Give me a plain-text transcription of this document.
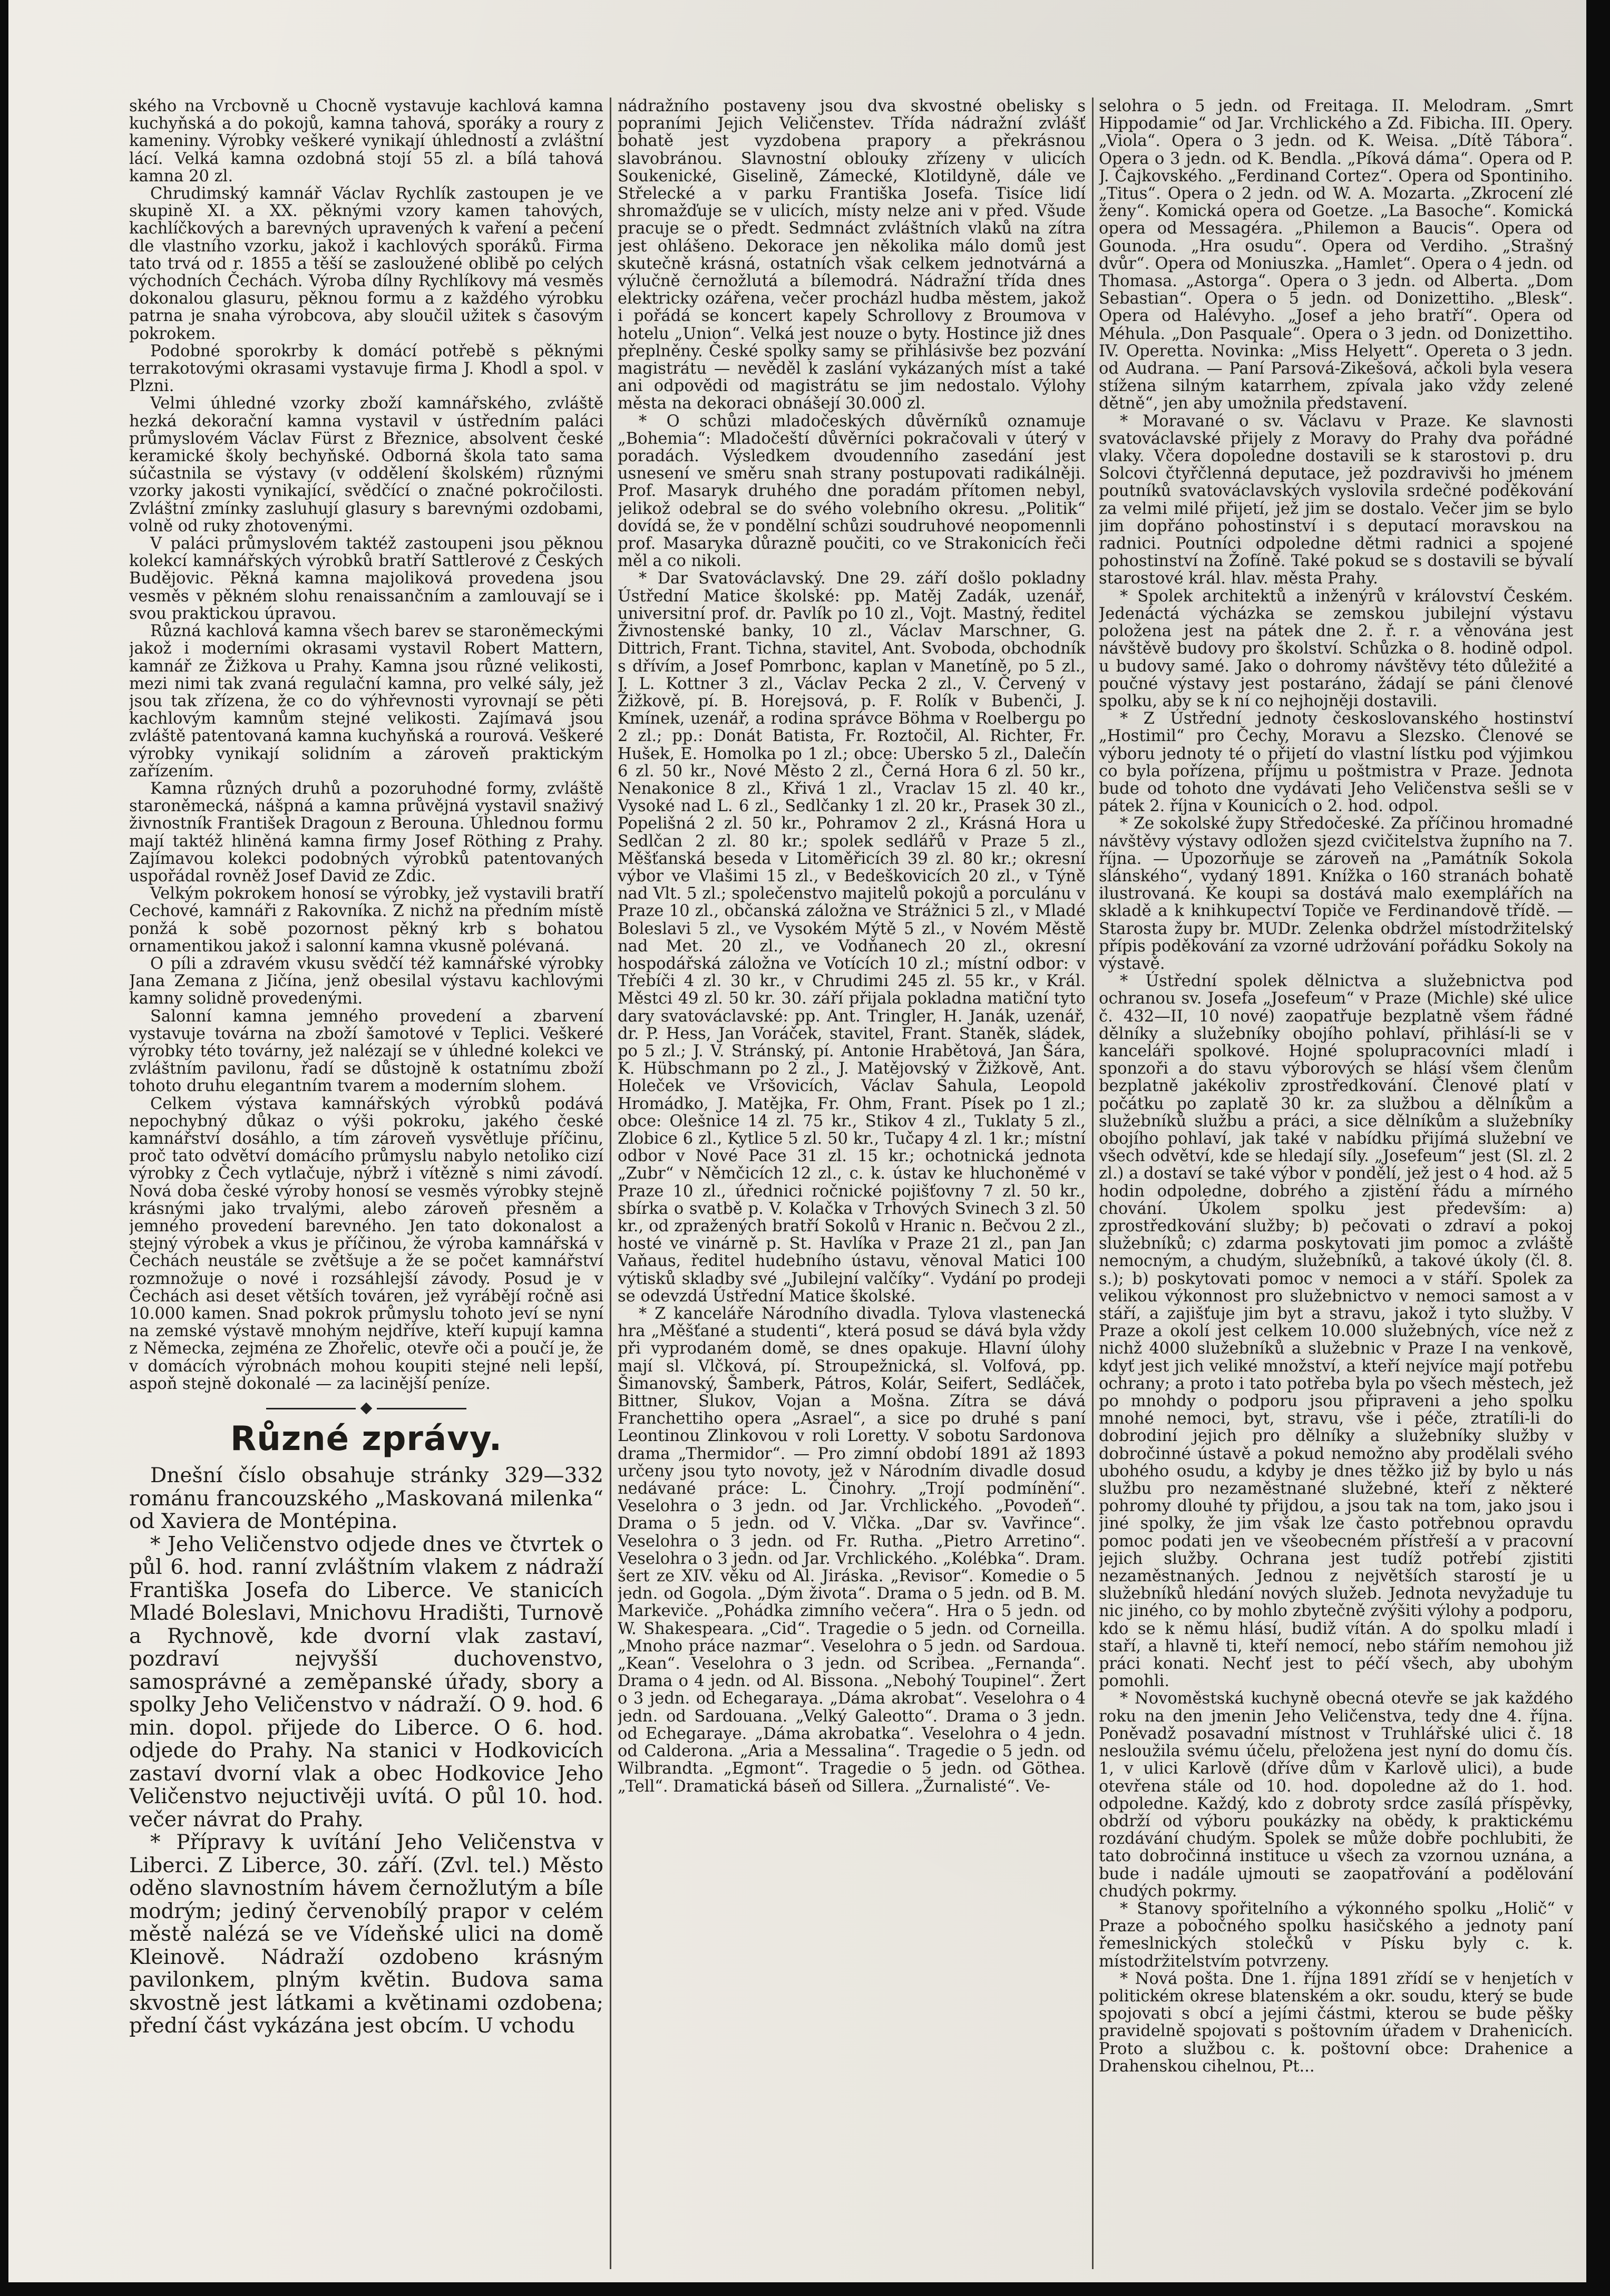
ského na Vrcbovně u Chocně vystavuje kachlová kamna kuchyňská a do pokojů, kamna tahová, sporáky a roury z kameniny. Výrobky veškeré vynikají úhledností a zvláštní lácí. Velká kamna ozdobná stojí 55 zl. a bílá tahová kamna 20 zl.

Chrudimský kamnář Václav Rychlík zastoupen je ve skupině XI. a XX. pěknými vzory kamen tahových, kachlíčkových a barevných upravených k vaření a pečení dle vlastního vzorku, jakož i kachlových sporáků. Firma tato trvá od r. 1855 a těší se zasloužené oblibě po celých východních Čechách. Výroba dílny Rychlíkovy má vesměs dokonalou glasuru, pěknou formu a z každého výrobku patrna je snaha výrobcova, aby sloučil užitek s časovým pokrokem.

Podobné sporokrby k domácí potřebě s pěknými terrakotovými okrasami vystavuje firma J. Khodl a spol. v Plzni.

Velmi úhledné vzorky zboží kamnářského, zvláště hezká dekorační kamna vystavil v ústředním paláci průmyslovém Václav Fürst z Březnice, absolvent české keramické školy bechyňské. Odborná škola tato sama súčastnila se výstavy (v oddělení školském) různými vzorky jakosti vynikající, svědčící o značné pokročilosti. Zvláštní zmínky zasluhují glasury s barevnými ozdobami, volně od ruky zhotovenými.

V paláci průmyslovém taktéž zastoupeni jsou pěknou kolekcí kamnářských výrobků bratří Sattlerové z Českých Budějovic. Pěkná kamna majoliková provedena jsou vesměs v pěkném slohu renaissančním a zamlouvají se i svou praktickou úpravou.

Různá kachlová kamna všech barev se staroněmeckými jakož i moderními okrasami vystavil Robert Mattern, kamnář ze Žižkova u Prahy. Kamna jsou různé velikosti, mezi nimi tak zvaná regulační kamna, pro velké sály, jež jsou tak zřízena, že co do výhřevnosti vyrovnají se pěti kachlovým kamnům stejné velikosti. Zajímavá jsou zvláště patentovaná kamna kuchyňská a rourová. Veškeré výrobky vynikají solidním a zároveň praktickým zařízením.

Kamna různých druhů a pozoruhodné formy, zvláště staroněmecká, nášpná a kamna průvějná vystavil snaživý živnostník František Dragoun z Berouna. Úhlednou formu mají taktéž hliněná kamna firmy Josef Röthing z Prahy. Zajímavou kolekci podobných výrobků patentovaných uspořádal rovněž Josef David ze Zdic.

Velkým pokrokem honosí se výrobky, jež vystavili bratří Cechové, kamnáři z Rakovníka. Z nichž na předním místě ponžá k sobě pozornost pěkný krb s bohatou ornamentikou jakož i salonní kamna vkusně polévaná.

O píli a zdravém vkusu svědčí též kamnářské výrobky Jana Zemana z Jičína, jenž obesilal výstavu kachlovými kamny solidně provedenými.

Salonní kamna jemného provedení a zbarvení vystavuje továrna na zboží šamotové v Teplici. Veškeré výrobky této továrny, jež nalézají se v úhledné kolekci ve zvláštním pavilonu, řadí se důstojně k ostatnímu zboží tohoto druhu elegantním tvarem a moderním slohem.

Celkem výstava kamnářských výrobků podává nepochybný důkaz o výši pokroku, jakého české kamnářství dosáhlo, a tím zároveň vysvětluje příčinu, proč tato odvětví domácího průmyslu nabylo netoliko cizí výrobky z Čech vytlačuje, nýbrž i vítězně s nimi závodí. Nová doba české výroby honosí se vesměs výrobky stejně krásnými jako trvalými, alebo zároveň přesněm a jemného provedení barevného. Jen tato dokonalost a stejný výrobek a vkus je příčinou, že výroba kamnářská v Čechách neustále se zvětšuje a že se počet kamnářství rozmnožuje o nové i rozsáhlejší závody. Posud je v Čechách asi deset větších továren, jež vyrábějí ročně asi 10.000 kamen. Snad pokrok průmyslu tohoto jeví se nyní na zemské výstavě mnohým nejdříve, kteří kupují kamna z Německa, zejména ze Zhořelic, otevře oči a poučí je, že v domácích výrobnách mohou koupiti stejné neli lepší, aspoň stejně dokonalé — za lacinější peníze.

Různé zprávy.

Dnešní číslo obsahuje stránky 329—332 románu francouzského „Maskovaná milenka“ od Xaviera de Montépina.

* Jeho Veličenstvo odjede dnes ve čtvrtek o půl 6. hod. ranní zvláštním vlakem z nádraží Františka Josefa do Liberce. Ve stanicích Mladé Boleslavi, Mnichovu Hradišti, Turnově a Rychnově, kde dvorní vlak zastaví, pozdraví nejvyšší duchovenstvo, samosprávné a zeměpanské úřady, sbory a spolky Jeho Veličenstvo v nádraží. O 9. hod. 6 min. dopol. přijede do Liberce. O 6. hod. odjede do Prahy. Na stanici v Hodkovicích zastaví dvorní vlak a obec Hodkovice Jeho Veličenstvo nejuctivěji uvítá. O půl 10. hod. večer návrat do Prahy.

* Přípravy k uvítání Jeho Veličenstva v Liberci. Z Liberce, 30. září. (Zvl. tel.) Město oděno slavnostním hávem černožlutým a bíle modrým; jediný červenobílý prapor v celém městě nalézá se ve Vídeňské ulici na domě Kleinově. Nádraží ozdobeno krásným pavilonkem, plným květin. Budova sama skvostně jest látkami a květinami ozdobena; přední část vykázána jest obcím. U vchodu

nádražního postaveny jsou dva skvostné obelisky s popraními Jejich Veličenstev. Třída nádražní zvlášť bohatě jest vyzdobena prapory a překrásnou slavobránou. Slavnostní oblouky zřízeny v ulicích Soukenické, Giselině, Zámecké, Klotildyně, dále ve Střelecké a v parku Františka Josefa. Tisíce lidí shromažďuje se v ulicích, místy nelze ani v před. Všude pracuje se o předt. Sedmnáct zvláštních vlaků na zítra jest ohlášeno. Dekorace jen několika málo domů jest skutečně krásná, ostatních však celkem jednotvárná a výlučně černožlutá a bílemodrá. Nádražní třída dnes elektricky ozářena, večer procházl hudba městem, jakož i pořádá se koncert kapely Schrollovy z Broumova v hotelu „Union“. Velká jest nouze o byty. Hostince již dnes přeplněny. České spolky samy se přihlásivše bez pozvání magistrátu — nevěděl k zaslání vykázaných míst a také ani odpovědi od magistrátu se jim nedostalo. Výlohy města na dekoraci obnášejí 30.000 zl.

* O schůzi mladočeských důvěrníků oznamuje „Bohemia“: Mladočeští důvěrníci pokračovali v úterý v poradách. Výsledkem dvoudenního zasedání jest usnesení ve směru snah strany postupovati radikálněji. Prof. Masaryk druhého dne poradám přítomen nebyl, jelikož odebral se do svého volebního okresu. „Politik“ dovídá se, že v pondělní schůzi soudruhové neopomennli prof. Masaryka důrazně poučiti, co ve Strakonicích řeči měl a co nikoli.

* Dar Svatováclavský. Dne 29. září došlo pokladny Ústřední Matice školské: pp. Matěj Zadák, uzenář, universitní prof. dr. Pavlík po 10 zl., Vojt. Mastný, ředitel Živnostenské banky, 10 zl., Václav Marschner, G. Dittrich, Frant. Tichna, stavitel, Ant. Svoboda, obchodník s dřívím, a Josef Pomrbonc, kaplan v Manetíně, po 5 zl., J. L. Kottner 3 zl., Václav Pecka 2 zl., V. Červený v Žižkově, pí. B. Horejsová, p. F. Rolík v Bubenči, J. Kmínek, uzenář, a rodina správce Böhma v Roelbergu po 2 zl.; pp.: Donát Batista, Fr. Roztočil, Al. Richter, Fr. Hušek, E. Homolka po 1 zl.; obce: Ubersko 5 zl., Dalečín 6 zl. 50 kr., Nové Město 2 zl., Černá Hora 6 zl. 50 kr., Nenakonice 8 zl., Křivá 1 zl., Vraclav 15 zl. 40 kr., Vysoké nad L. 6 zl., Sedlčanky 1 zl. 20 kr., Prasek 30 zl., Popelišná 2 zl. 50 kr., Pohramov 2 zl., Krásná Hora u Sedlčan 2 zl. 80 kr.; spolek sedlářů v Praze 5 zl., Měšťanská beseda v Litoměřicích 39 zl. 80 kr.; okresní výbor ve Vlašimi 15 zl., v Bedeškovicích 20 zl., v Týně nad Vlt. 5 zl.; společenstvo majitelů pokojů a porculánu v Praze 10 zl., občanská záložna ve Strážnici 5 zl., v Mladé Boleslavi 5 zl., ve Vysokém Mýtě 5 zl., v Novém Městě nad Met. 20 zl., ve Vodňanech 20 zl., okresní hospodářská záložna ve Votících 10 zl.; místní odbor: v Třebíči 4 zl. 30 kr., v Chrudimi 245 zl. 55 kr., v Král. Městci 49 zl. 50 kr. 30. září přijala pokladna matiční tyto dary svatováclavské: pp. Ant. Tringler, H. Janák, uzenář, dr. P. Hess, Jan Voráček, stavitel, Frant. Staněk, sládek, po 5 zl.; J. V. Stránský, pí. Antonie Hrabětová, Jan Šára, K. Hübschmann po 2 zl., J. Matějovský v Žižkově, Ant. Holeček ve Vršovicích, Václav Sahula, Leopold Hromádko, J. Matějka, Fr. Ohm, Frant. Písek po 1 zl.; obce: Olešnice 14 zl. 75 kr., Stikov 4 zl., Tuklaty 5 zl., Zlobice 6 zl., Kytlice 5 zl. 50 kr., Tučapy 4 zl. 1 kr.; místní odbor v Nové Pace 31 zl. 15 kr.; ochotnická jednota „Zubr“ v Němčicích 12 zl., c. k. ústav ke hluchoněmé v Praze 10 zl., úřednici ročnické pojišťovny 7 zl. 50 kr., sbírka o svatbě p. V. Kolačka v Trhových Svinech 3 zl. 50 kr., od zpražených bratří Sokolů v Hranic n. Bečvou 2 zl., hosté ve vinárně p. St. Havlíka v Praze 21 zl., pan Jan Vaňaus, ředitel hudebního ústavu, věnoval Matici 100 výtisků skladby své „Jubilejní valčíky“. Vydání po prodeji se odevzdá Ústřední Matice školské.

* Z kanceláře Národního divadla. Tylova vlastenecká hra „Měšťané a studenti“, která posud se dává byla vždy při vyprodaném domě, se dnes opakuje. Hlavní úlohy mají sl. Vlčková, pí. Stroupežnická, sl. Volfová, pp. Šimanovský, Šamberk, Pátros, Kolár, Seifert, Sedláček, Bittner, Slukov, Vojan a Mošna. Zítra se dává Franchettiho opera „Asrael“, a sice po druhé s paní Leontinou Zlinkovou v roli Loretty. V sobotu Sardonova drama „Thermidor“. — Pro zimní období 1891 až 1893 určeny jsou tyto novoty, jež v Národním divadle dosud nedávané práce: L. Činohry. „Trojí podmínění“. Veselohra o 3 jedn. od Jar. Vrchlického. „Povodeň“. Drama o 5 jedn. od V. Vlčka. „Dar sv. Vavřince“. Veselohra o 3 jedn. od Fr. Rutha. „Pietro Arretino“. Veselohra o 3 jedn. od Jar. Vrchlického. „Kolébka“. Dram. šert ze XIV. věku od Al. Jiráska. „Revisor“. Komedie o 5 jedn. od Gogola. „Dým života“. Drama o 5 jedn. od B. M. Markeviče. „Pohádka zimního večera“. Hra o 5 jedn. od W. Shakespeara. „Cid“. Tragedie o 5 jedn. od Corneilla. „Mnoho práce nazmar“. Veselohra o 5 jedn. od Sardoua. „Kean“. Veselohra o 3 jedn. od Scribea. „Fernanda“. Drama o 4 jedn. od Al. Bissona. „Nebohý Toupinel“. Žert o 3 jedn. od Echegaraya. „Dáma akrobat“. Veselohra o 4 jedn. od Sardouana. „Velký Galeotto“. Drama o 3 jedn. od Echegaraye. „Dáma akrobatka“. Veselohra o 4 jedn. od Calderona. „Aria a Messalina“. Tragedie o 5 jedn. od Wilbrandta. „Egmont“. Tragedie o 5 jedn. od Göthea. „Tell“. Dramatická báseň od Sillera. „Žurnalisté“. Ve-

selohra o 5 jedn. od Freitaga. II. Melodram. „Smrt Hippodamie“ od Jar. Vrchlického a Zd. Fibicha. III. Opery. „Viola“. Opera o 3 jedn. od K. Weisa. „Dítě Tábora“. Opera o 3 jedn. od K. Bendla. „Píková dáma“. Opera od P. J. Čajkovského. „Ferdinand Cortez“. Opera od Spontiniho. „Titus“. Opera o 2 jedn. od W. A. Mozarta. „Zkrocení zlé ženy“. Komická opera od Goetze. „La Basoche“. Komická opera od Messagéra. „Philemon a Baucis“. Opera od Gounoda. „Hra osudu“. Opera od Verdiho. „Strašný dvůr“. Opera od Moniuszka. „Hamlet“. Opera o 4 jedn. od Thomasa. „Astorga“. Opera o 3 jedn. od Alberta. „Dom Sebastian“. Opera o 5 jedn. od Donizettiho. „Blesk“. Opera od Halévyho. „Josef a jeho bratří“. Opera od Méhula. „Don Pasquale“. Opera o 3 jedn. od Donizettiho. IV. Operetta. Novinka: „Miss Helyett“. Opereta o 3 jedn. od Audrana. — Paní Parsová-Zikešová, ačkoli byla vesera stížena silným katarrhem, zpívala jako vždy zelené dětně“, jen aby umožnila představení.

* Moravané o sv. Václavu v Praze. Ke slavnosti svatováclavské přijely z Moravy do Prahy dva pořádné vlaky. Včera dopoledne dostavili se k starostovi p. dru Solcovi čtyřčlenná deputace, jež pozdravivši ho jménem poutníků svatováclavských vyslovila srdečné poděkování za velmi milé přijetí, jež jim se dostalo. Večer jim se bylo jim dopřáno pohostinství i s deputací moravskou na radnici. Poutníci odpoledne dětmi radnici a spojené pohostinství na Žofíně. Také pokud se s dostavili se bývalí starostové král. hlav. města Prahy.

* Spolek architektů a inženýrů v království Českém. Jedenáctá výcházka se zemskou jubilejní výstavu položena jest na pátek dne 2. ř. r. a věnována jest návštěvě budovy pro školství. Schůzka o 8. hodině odpol. u budovy samé. Jako o dohromy návštěvy této důležité a poučné výstavy jest postaráno, žádají se páni členové spolku, aby se k ní co nejhojněji dostavili.

* Z Ústřední jednoty českoslovanského hostinství „Hostimil“ pro Čechy, Moravu a Slezsko. Členové se výboru jednoty té o přijetí do vlastní lístku pod výjimkou co byla pořízena, příjmu u poštmistra v Praze. Jednota bude od tohoto dne vydávati Jeho Veličenstva sešli se v pátek 2. října v Kounicích o 2. hod. odpol.

* Ze sokolské župy Středočeské. Za příčinou hromadné návštěvy výstavy odložen sjezd cvičitelstva župního na 7. října. — Upozorňuje se zároveň na „Památník Sokola slánského“, vydaný 1891. Knížka o 160 stranách bohatě ilustrovaná. Ke koupi sa dostává malo exemplářích na skladě a k knihkupectví Topiče ve Ferdinandově třídě. — Starosta župy br. MUDr. Zelenka obdržel místodržitelský přípis poděkování za vzorné udržování pořádku Sokoly na výstavě.

* Ústřední spolek dělnictva a služebnictva pod ochranou sv. Josefa „Josefeum“ v Praze (Michle) ské ulice č. 432—II, 10 nové) zaopatřuje bezplatně všem řádné dělníky a služebníky obojího pohlaví, přihlásí-li se v kanceláři spolkové. Hojné spolupracovníci mladí i sponzoři a do stavu výborových se hlásí všem členům bezplatně jakékoliv zprostředkování. Členové platí v počátku po zaplatě 30 kr. za službou a dělníkům a služebníků službu a práci, a sice dělníkům a služebníky obojího pohlaví, jak také v nabídku přijímá služební ve všech odvětví, kde se hledají síly. „Josefeum“ jest (Sl. zl. 2 zl.) a dostaví se také výbor v pondělí, jež jest o 4 hod. až 5 hodin odpoledne, dobrého a zjistění řádu a mírného chování. Úkolem spolku jest především: a) zprostředkování služby; b) pečovati o zdraví a pokoj služebníků; c) zdarma poskytovati jim pomoc a zvláště nemocným, a chudým, služebníků, a takové úkoly (čl. 8. s.); b) poskytovati pomoc v nemoci a v stáří. Spolek za velikou výkonnost pro služebnictvo v nemoci samost a v stáří, a zajišťuje jim byt a stravu, jakož i tyto služby. V Praze a okolí jest celkem 10.000 služebných, více než z nichž 4000 služebníků a služebnic v Praze I na venkově, kdyť jest jich veliké množství, a kteří nejvíce mají potřebu ochrany; a proto i tato potřeba byla po všech městech, jež po mnohdy o podporu jsou připraveni a jeho spolku mnohé nemoci, byt, stravu, vše i péče, ztratíli-li do dobrodiní jejich pro dělníky a služebníky služby v dobročinné ústavě a pokud nemožno aby prodělali svého ubohého osudu, a kdyby je dnes těžko již by bylo u nás službu pro nezaměstnané služebné, kteří z některé pohromy dlouhé ty přijdou, a jsou tak na tom, jako jsou i jiné spolky, že jim však lze často potřebnou opravdu pomoc podati jen ve všeobecném přístřeší a v pracovní jejich služby. Ochrana jest tudíž potřebí zjistiti nezaměstnaných. Jednou z největších starostí je u služebníků hledání nových služeb. Jednota nevyžaduje tu nic jiného, co by mohlo zbytečně zvýšiti výlohy a podporu, kdo se k němu hlásí, budiž vítán. A do spolku mladí i staří, a hlavně ti, kteří nemocí, nebo stářím nemohou již práci konati. Nechť jest to péčí všech, aby ubohým pomohli.

* Novoměstská kuchyně obecná otevře se jak každého roku na den jmenin Jeho Veličenstva, tedy dne 4. října. Poněvadž posavadní místnost v Truhlářské ulici č. 18 nesloužila svému účelu, přeložena jest nyní do domu čís. 1, v ulici Karlově (dříve dům v Karlově ulici), a bude otevřena stále od 10. hod. dopoledne až do 1. hod. odpoledne. Každý, kdo z dobroty srdce zasílá příspěvky, obdrží od výboru poukázky na obědy, k praktickému rozdávání chudým. Spolek se může dobře pochlubiti, že tato dobročinná instituce u všech za vzornou uznána, a bude i nadále ujmouti se zaopatřování a podělování chudých pokrmy.

* Stanovy spořitelního a výkonného spolku „Holič“ v Praze a pobočného spolku hasičského a jednoty paní řemeslnických stolečků v Písku byly c. k. místodržitelstvím potvrzeny.

* Nová pošta. Dne 1. října 1891 zřídí se v henjetích v politickém okrese blatenském a okr. soudu, který se bude spojovati s obcí a jejími částmi, kterou se bude pěšky pravidelně spojovati s poštovním úřadem v Drahenicích. Proto a službou c. k. poštovní obce: Drahenice a Drahenskou cihelnou, Pt...
